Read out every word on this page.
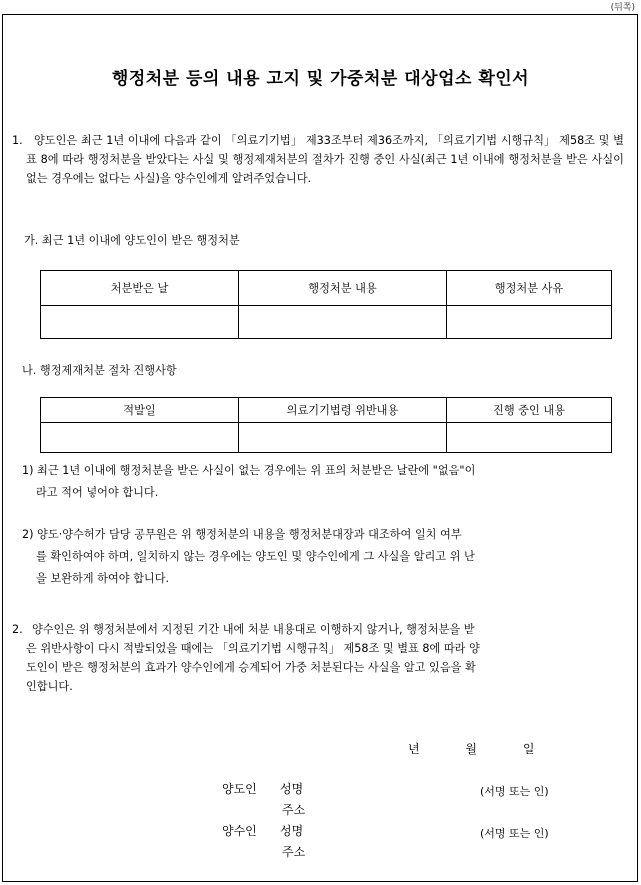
(뒤쪽)
행정처분 등의 내용 고지 및 가중처분 대상업소 확인서
1.	양도인은 최근 1년 이내에 다음과 같이 「의료기기법」 제33조부터 제36조까지, 「의료기기법 시행규칙」 제58조 및 별표 8에 따라 행정처분을 받았다는 사실 및 행정제재처분의 절차가 진행 중인 사실(최근 1년 이내에 행정처분을 받은 사실이 없는 경우에는 없다는 사실)을 양수인에게 알려주었습니다.
가. 최근 1년 이내에 양도인이 받은 행정처분
처분받은 날	행정처분 내용	행정처분 사유

나. 행정제재처분 절차 진행사항
적발일	의료기기법령 위반내용	진행 중인 내용

1) 최근 1년 이내에 행정처분을 받은 사실이 없는 경우에는 위 표의 처분받은 날란에 "없음"이
라고 적어 넣어야 합니다.
2) 양도·양수허가 담당 공무원은 위 행정처분의 내용을 행정처분대장과 대조하여 일치 여부
를 확인하여야 하며, 일치하지 않는 경우에는 양도인 및 양수인에게 그 사실을 알리고 위 난
을 보완하게 하여야 합니다.
2. 양수인은 위 행정처분에서 지정된 기간 내에 처분 내용대로 이행하지 않거나, 행정처분을 받
은 위반사항이 다시 적발되었을 때에는 「의료기기법 시행규칙」 제58조 및 별표 8에 따라 양
도인이 받은 행정처분의 효과가 양수인에게 승계되어 가중 처분된다는 사실을 알고 있음을 확
인합니다.
년	월	일
양도인 성명	(서명 또는 인)
주소
양수인 성명	(서명 또는 인)
주소
